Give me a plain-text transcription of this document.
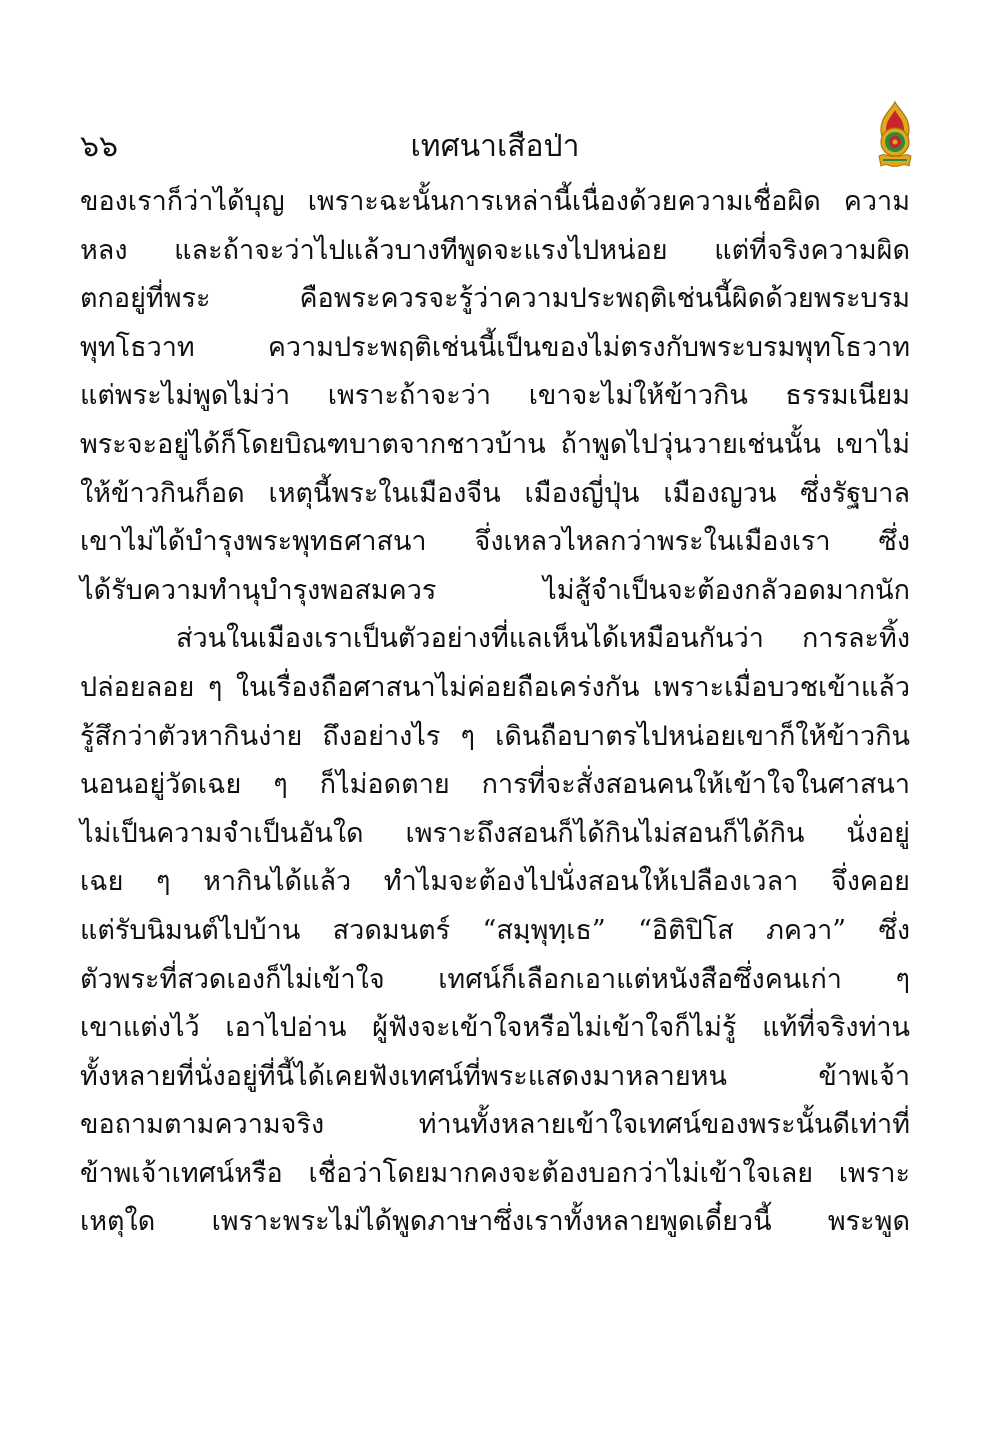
๖๖	เทศนาเสือป่า
ของเราก็ว่าได้บุญ เพราะฉะนั้นการเหล่านี้เนื่องด้วยความเชื่อผิด ความ
หลง และถ้าจะว่าไปแล้วบางทีพูดจะแรงไปหน่อย แต่ที่จริงความผิด
ตกอยู่ที่พระ คือพระควรจะรู้ว่าความประพฤติเช่นนี้ผิดด้วยพระบรม
พุทโธวาท ความประพฤติเช่นนี้เป็นของไม่ตรงกับพระบรมพุทโธวาท
แต่พระไม่พูดไม่ว่า เพราะถ้าจะว่า เขาจะไม่ให้ข้าวกิน ธรรมเนียม
พระจะอยู่ได้ก็โดยบิณฑบาตจากชาวบ้าน ถ้าพูดไปวุ่นวายเช่นนั้น เขาไม่
ให้ข้าวกินก็อด เหตุนี้พระในเมืองจีน เมืองญี่ปุ่น เมืองญวน ซึ่งรัฐบาล
เขาไม่ได้บำรุงพระพุทธศาสนา จึ่งเหลวไหลกว่าพระในเมืองเรา ซึ่ง
ได้รับความทำนุบำรุงพอสมควร ไม่สู้จำเป็นจะต้องกลัวอดมากนัก
ส่วนในเมืองเราเป็นตัวอย่างที่แลเห็นได้เหมือนกันว่า การละทิ้ง
ปล่อยลอย ๆ ในเรื่องถือศาสนาไม่ค่อยถือเคร่งกัน เพราะเมื่อบวชเข้าแล้ว
รู้สึกว่าตัวหากินง่าย ถึงอย่างไร ๆ เดินถือบาตรไปหน่อยเขาก็ให้ข้าวกิน
นอนอยู่วัดเฉย ๆ ก็ไม่อดตาย การที่จะสั่งสอนคนให้เข้าใจในศาสนา
ไม่เป็นความจำเป็นอันใด เพราะถึงสอนก็ได้กินไม่สอนก็ได้กิน นั่งอยู่
เฉย ๆ หากินได้แล้ว ทำไมจะต้องไปนั่งสอนให้เปลืองเวลา จึ่งคอย
แต่รับนิมนต์ไปบ้าน สวดมนตร์ “สมฺพุทฺเธ” “อิติปิโส ภควา” ซึ่ง
ตัวพระที่สวดเองก็ไม่เข้าใจ เทศน์ก็เลือกเอาแต่หนังสือซึ่งคนเก่า ๆ
เขาแต่งไว้ เอาไปอ่าน ผู้ฟังจะเข้าใจหรือไม่เข้าใจก็ไม่รู้ แท้ที่จริงท่าน
ทั้งหลายที่นั่งอยู่ที่นี้ได้เคยฟังเทศน์ที่พระแสดงมาหลายหน ข้าพเจ้า
ขอถามตามความจริง ท่านทั้งหลายเข้าใจเทศน์ของพระนั้นดีเท่าที่
ข้าพเจ้าเทศน์หรือ เชื่อว่าโดยมากคงจะต้องบอกว่าไม่เข้าใจเลย เพราะ
เหตุใด เพราะพระไม่ได้พูดภาษาซึ่งเราทั้งหลายพูดเดี๋ยวนี้ พระพูด
